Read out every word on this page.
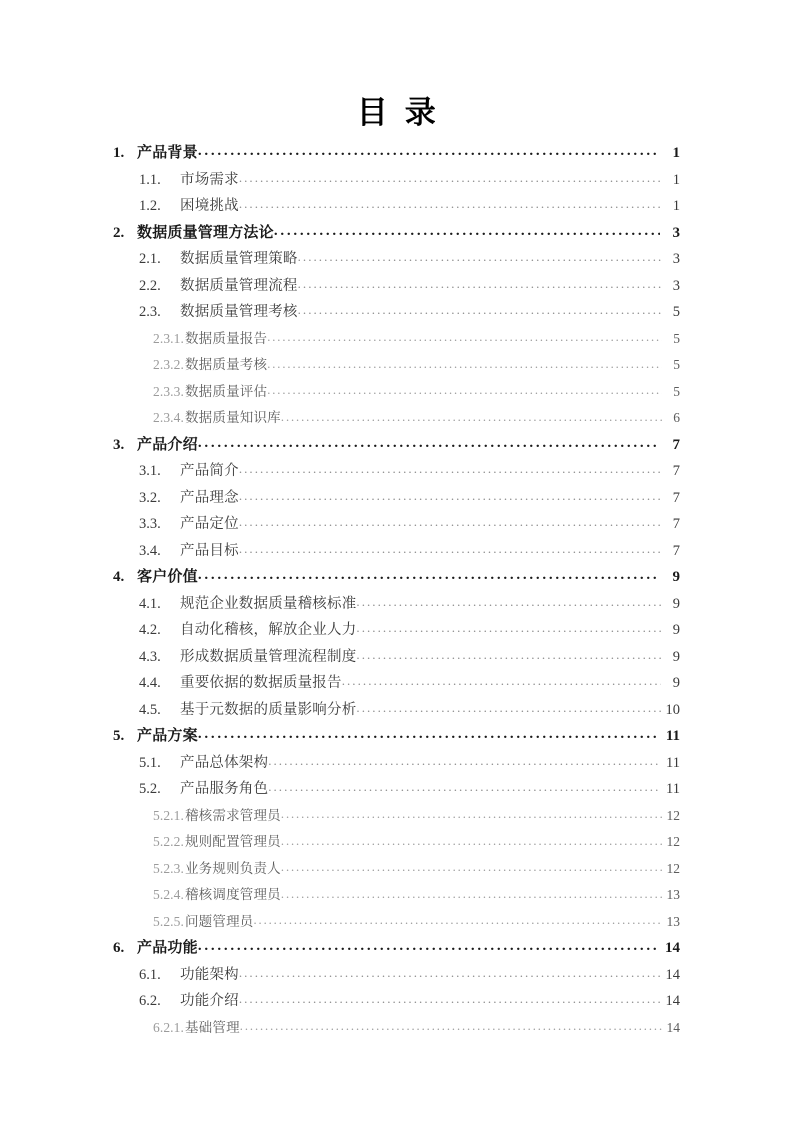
目  录
1. 产品背景 . . .	1
1.1.	市场需求 . . .	1
1.2.	困境挑战 . . .	1
2. 数据质量管理方法论 . . .	3
2.1.	数据质量管理策略 . . .	3
2.2.	数据质量管理流程 . . .	3
2.3.	数据质量管理考核 . . .	5
2.3.1. 数据质量报告 . . .	5
2.3.2. 数据质量考核 . . .	5
2.3.3. 数据质量评估 . . .	5
2.3.4. 数据质量知识库 . . .	6
3. 产品介绍 . . .	7
3.1.	产品简介 . . .	7
3.2.	产品理念 . . .	7
3.3.	产品定位 . . .	7
3.4.	产品目标 . . .	7
4. 客户价值 . . .	9
4.1.	规范企业数据质量稽核标准 . . .	9
4.2.	自动化稽核，解放企业人力 . . .	9
4.3.	形成数据质量管理流程制度 . . .	9
4.4.	重要依据的数据质量报告 . . .	9
4.5.	基于元数据的质量影响分析 . . .	10
5. 产品方案 . . .	11
5.1.	产品总体架构 . . .	11
5.2.	产品服务角色 . . .	11
5.2.1. 稽核需求管理员 . . .	12
5.2.2. 规则配置管理员 . . .	12
5.2.3. 业务规则负责人 . . .	12
5.2.4. 稽核调度管理员 . . .	13
5.2.5. 问题管理员 . . .	13
6. 产品功能 . . .	14
6.1.	功能架构 . . .	14
6.2.	功能介绍 . . .	14
6.2.1. 基础管理 . . .	14
